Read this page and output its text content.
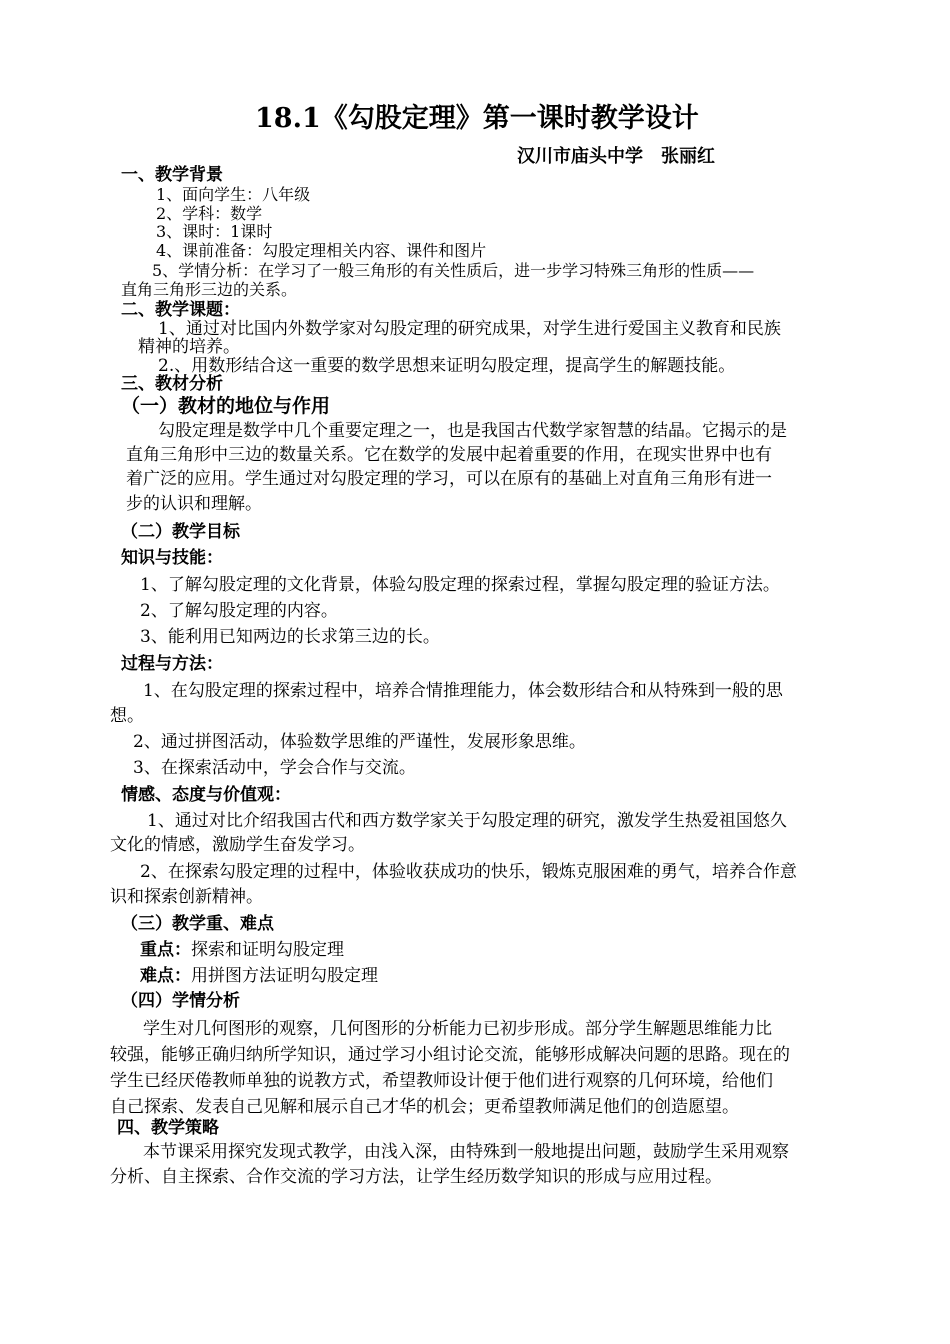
18.1《勾股定理》第一课时教学设计
汉川市庙头中学　张丽红
一、教学背景
1、面向学生：八年级
2、学科：数学
3、课时：1课时
4、课前准备：勾股定理相关内容、课件和图片
5、学情分析：在学习了一般三角形的有关性质后，进一步学习特殊三角形的性质——
直角三角形三边的关系。
二、教学课题：
1、通过对比国内外数学家对勾股定理的研究成果，对学生进行爱国主义教育和民族
精神的培养。
2.、用数形结合这一重要的数学思想来证明勾股定理，提高学生的解题技能。
三、教材分析
（一）教材的地位与作用
勾股定理是数学中几个重要定理之一，也是我国古代数学家智慧的结晶。它揭示的是
直角三角形中三边的数量关系。它在数学的发展中起着重要的作用，在现实世界中也有
着广泛的应用。学生通过对勾股定理的学习，可以在原有的基础上对直角三角形有进一
步的认识和理解。
（二）教学目标
知识与技能：
1、了解勾股定理的文化背景，体验勾股定理的探索过程，掌握勾股定理的验证方法。
2、了解勾股定理的内容。
3、能利用已知两边的长求第三边的长。
过程与方法：
1、在勾股定理的探索过程中，培养合情推理能力，体会数形结合和从特殊到一般的思
想。
2、通过拼图活动，体验数学思维的严谨性，发展形象思维。
3、在探索活动中，学会合作与交流。
情感、态度与价值观：
1、通过对比介绍我国古代和西方数学家关于勾股定理的研究，激发学生热爱祖国悠久
文化的情感，激励学生奋发学习。
2、在探索勾股定理的过程中，体验收获成功的快乐，锻炼克服困难的勇气，培养合作意
识和探索创新精神。
（三）教学重、难点
重点：探索和证明勾股定理
难点：用拼图方法证明勾股定理
（四）学情分析
学生对几何图形的观察，几何图形的分析能力已初步形成。部分学生解题思维能力比
较强，能够正确归纳所学知识，通过学习小组讨论交流，能够形成解决问题的思路。现在的
学生已经厌倦教师单独的说教方式，希望教师设计便于他们进行观察的几何环境，给他们
自己探索、发表自己见解和展示自己才华的机会；更希望教师满足他们的创造愿望。
四、教学策略
本节课采用探究发现式教学，由浅入深，由特殊到一般地提出问题，鼓励学生采用观察
分析、自主探索、合作交流的学习方法，让学生经历数学知识的形成与应用过程。
